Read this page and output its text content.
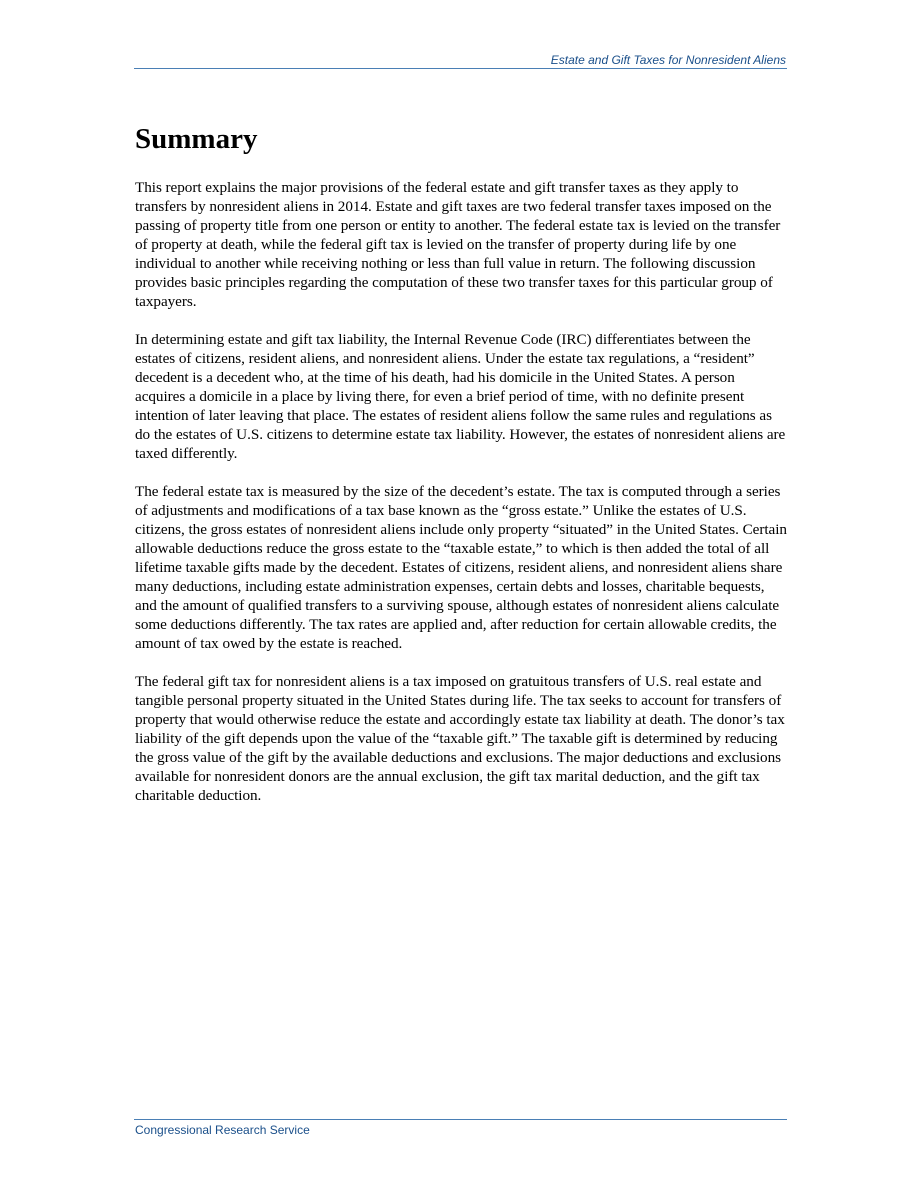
Estate and Gift Taxes for Nonresident Aliens
Summary

This report explains the major provisions of the federal estate and gift transfer taxes as they apply to transfers by nonresident aliens in 2014. Estate and gift taxes are two federal transfer taxes imposed on the passing of property title from one person or entity to another. The federal estate tax is levied on the transfer of property at death, while the federal gift tax is levied on the transfer of property during life by one individual to another while receiving nothing or less than full value in return. The following discussion provides basic principles regarding the computation of these two transfer taxes for this particular group of taxpayers.

In determining estate and gift tax liability, the Internal Revenue Code (IRC) differentiates between the estates of citizens, resident aliens, and nonresident aliens. Under the estate tax regulations, a “resident” decedent is a decedent who, at the time of his death, had his domicile in the United States. A person acquires a domicile in a place by living there, for even a brief period of time, with no definite present intention of later leaving that place. The estates of resident aliens follow the same rules and regulations as do the estates of U.S. citizens to determine estate tax liability. However, the estates of nonresident aliens are taxed differently.

The federal estate tax is measured by the size of the decedent’s estate. The tax is computed through a series of adjustments and modifications of a tax base known as the “gross estate.” Unlike the estates of U.S. citizens, the gross estates of nonresident aliens include only property “situated” in the United States. Certain allowable deductions reduce the gross estate to the “taxable estate,” to which is then added the total of all lifetime taxable gifts made by the decedent. Estates of citizens, resident aliens, and nonresident aliens share many deductions, including estate administration expenses, certain debts and losses, charitable bequests, and the amount of qualified transfers to a surviving spouse, although estates of nonresident aliens calculate some deductions differently. The tax rates are applied and, after reduction for certain allowable credits, the amount of tax owed by the estate is reached.

The federal gift tax for nonresident aliens is a tax imposed on gratuitous transfers of U.S. real estate and tangible personal property situated in the United States during life. The tax seeks to account for transfers of property that would otherwise reduce the estate and accordingly estate tax liability at death. The donor’s tax liability of the gift depends upon the value of the “taxable gift.” The taxable gift is determined by reducing the gross value of the gift by the available deductions and exclusions. The major deductions and exclusions available for nonresident donors are the annual exclusion, the gift tax marital deduction, and the gift tax charitable deduction.

Congressional Research Service
